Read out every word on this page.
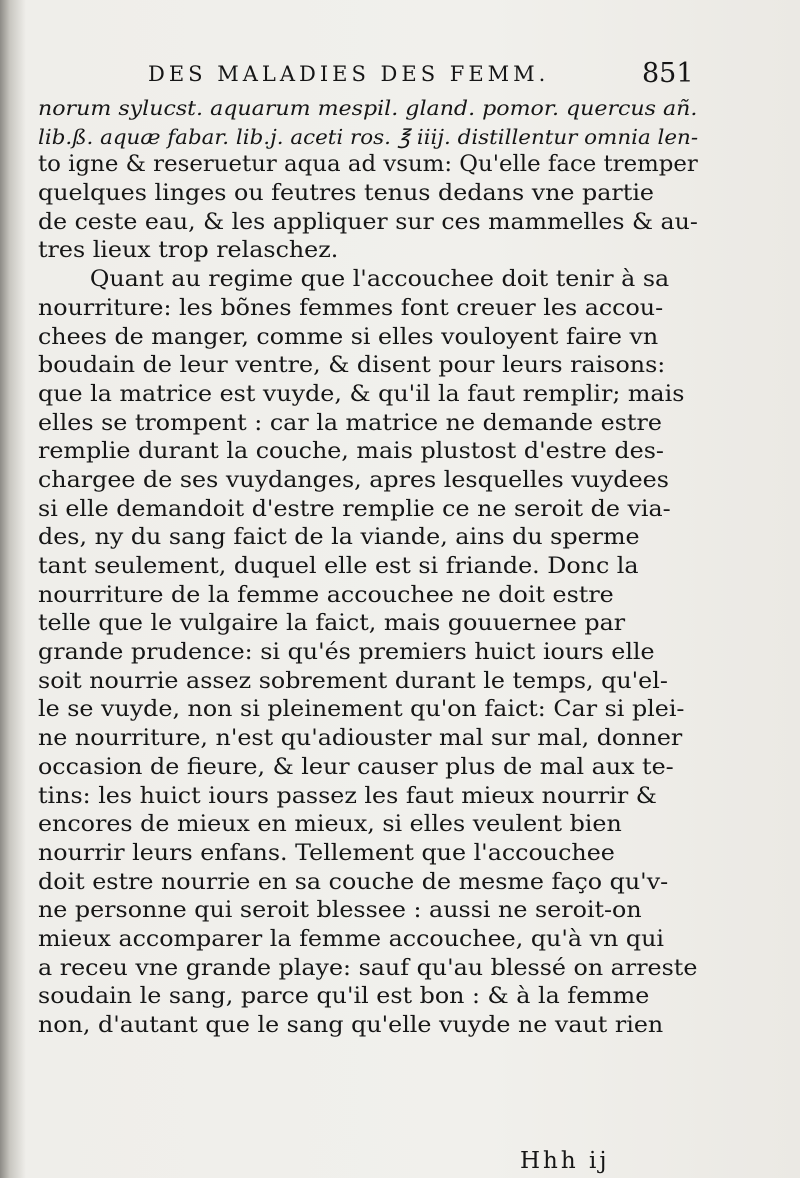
DES MALADIES DES FEMM.	851
norum sylucst. aquarum mespil. gland. pomor. quercus añ.
lib.ß. aquæ fabar. lib.j. aceti ros. ℥ iiij. distillentur omnia len-
to igne & reseruetur aqua ad vsum: Qu'elle face tremper
quelques linges ou feutres tenus dedans vne partie
de ceste eau, & les appliquer sur ces mammelles & au-
tres lieux trop relaschez.
Quant au regime que l'accouchee doit tenir à sa
nourriture: les bõnes femmes font creuer les accou-
chees de manger, comme si elles vouloyent faire vn
boudain de leur ventre, & disent pour leurs raisons:
que la matrice est vuyde, & qu'il la faut remplir; mais
elles se trompent : car la matrice ne demande estre
remplie durant la couche, mais plustost d'estre des-
chargee de ses vuydanges, apres lesquelles vuydees
si elle demandoit d'estre remplie ce ne seroit de via-
des, ny du sang faict de la viande, ains du sperme
tant seulement, duquel elle est si friande. Donc la
nourriture de la femme accouchee ne doit estre
telle que le vulgaire la faict, mais gouuernee par
grande prudence: si qu'és premiers huict iours elle
soit nourrie assez sobrement durant le temps, qu'el-
le se vuyde, non si pleinement qu'on faict: Car si plei-
ne nourriture, n'est qu'adiouster mal sur mal, donner
occasion de fieure, & leur causer plus de mal aux te-
tins: les huict iours passez les faut mieux nourrir &
encores de mieux en mieux, si elles veulent bien
nourrir leurs enfans. Tellement que l'accouchee
doit estre nourrie en sa couche de mesme faço qu'v-
ne personne qui seroit blessee : aussi ne seroit-on
mieux accomparer la femme accouchee, qu'à vn qui
a receu vne grande playe: sauf qu'au blessé on arreste
soudain le sang, parce qu'il est bon : & à la femme
non, d'autant que le sang qu'elle vuyde ne vaut rien
Hhh ij
